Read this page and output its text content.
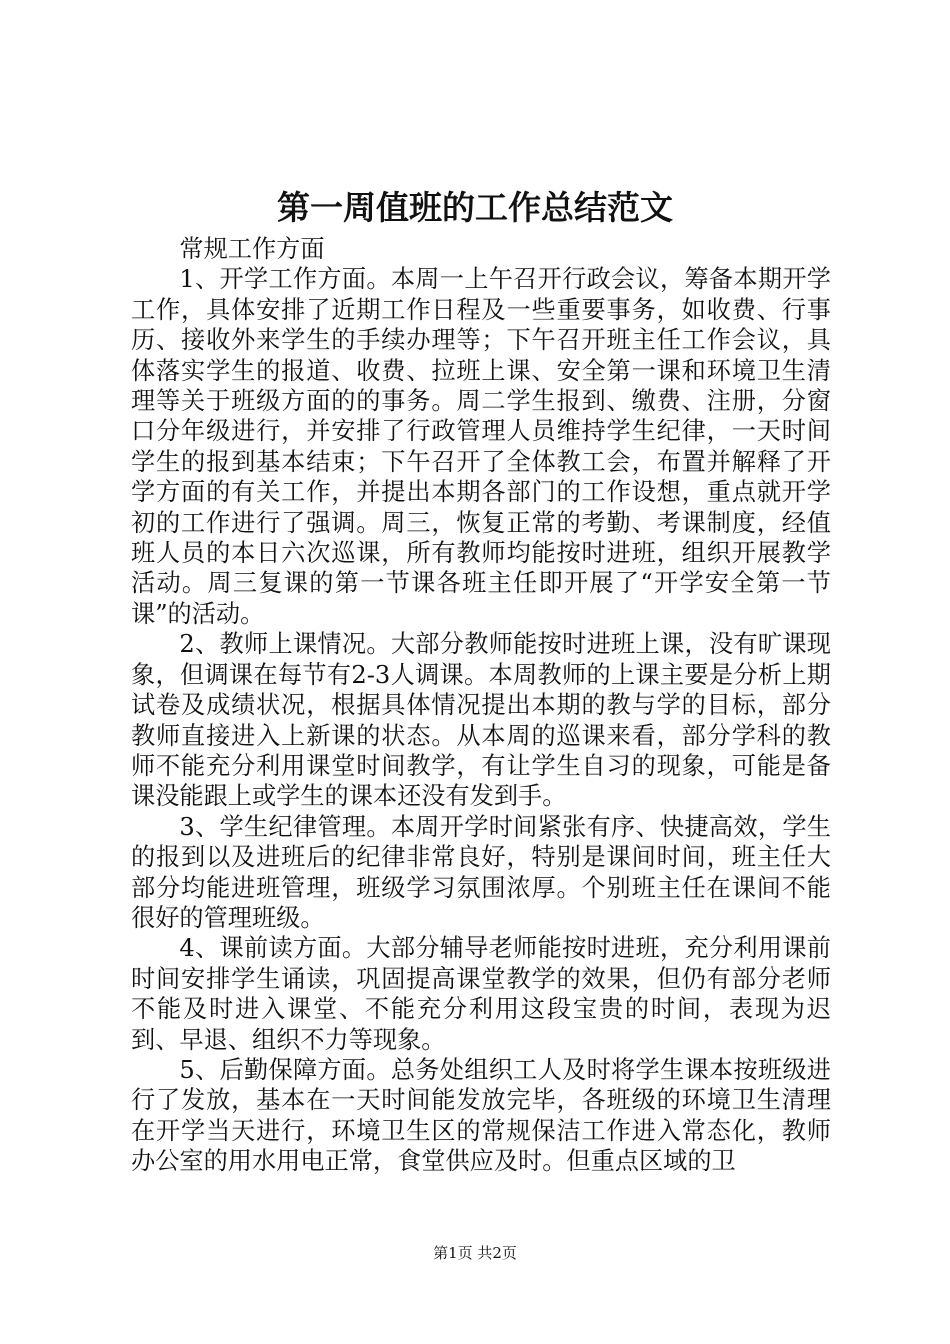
第一周值班的工作总结范文

常规工作方面

1、开学工作方面。本周一上午召开行政会议，筹备本期开学工作，具体安排了近期工作日程及一些重要事务，如收费、行事历、接收外来学生的手续办理等；下午召开班主任工作会议，具体落实学生的报道、收费、拉班上课、安全第一课和环境卫生清理等关于班级方面的的事务。周二学生报到、缴费、注册，分窗口分年级进行，并安排了行政管理人员维持学生纪律，一天时间学生的报到基本结束；下午召开了全体教工会，布置并解释了开学方面的有关工作，并提出本期各部门的工作设想，重点就开学初的工作进行了强调。周三，恢复正常的考勤、考课制度，经值班人员的本日六次巡课，所有教师均能按时进班，组织开展教学活动。周三复课的第一节课各班主任即开展了“开学安全第一节课”的活动。

2、教师上课情况。大部分教师能按时进班上课，没有旷课现象，但调课在每节有2-3人调课。本周教师的上课主要是分析上期试卷及成绩状况，根据具体情况提出本期的教与学的目标，部分教师直接进入上新课的状态。从本周的巡课来看，部分学科的教师不能充分利用课堂时间教学，有让学生自习的现象，可能是备课没能跟上或学生的课本还没有发到手。

3、学生纪律管理。本周开学时间紧张有序、快捷高效，学生的报到以及进班后的纪律非常良好，特别是课间时间，班主任大部分均能进班管理，班级学习氛围浓厚。个别班主任在课间不能很好的管理班级。

4、课前读方面。大部分辅导老师能按时进班，充分利用课前时间安排学生诵读，巩固提高课堂教学的效果，但仍有部分老师不能及时进入课堂、不能充分利用这段宝贵的时间，表现为迟到、早退、组织不力等现象。

5、后勤保障方面。总务处组织工人及时将学生课本按班级进行了发放，基本在一天时间能发放完毕，各班级的环境卫生清理在开学当天进行，环境卫生区的常规保洁工作进入常态化，教师办公室的用水用电正常，食堂供应及时。但重点区域的卫

第1页 共2页
